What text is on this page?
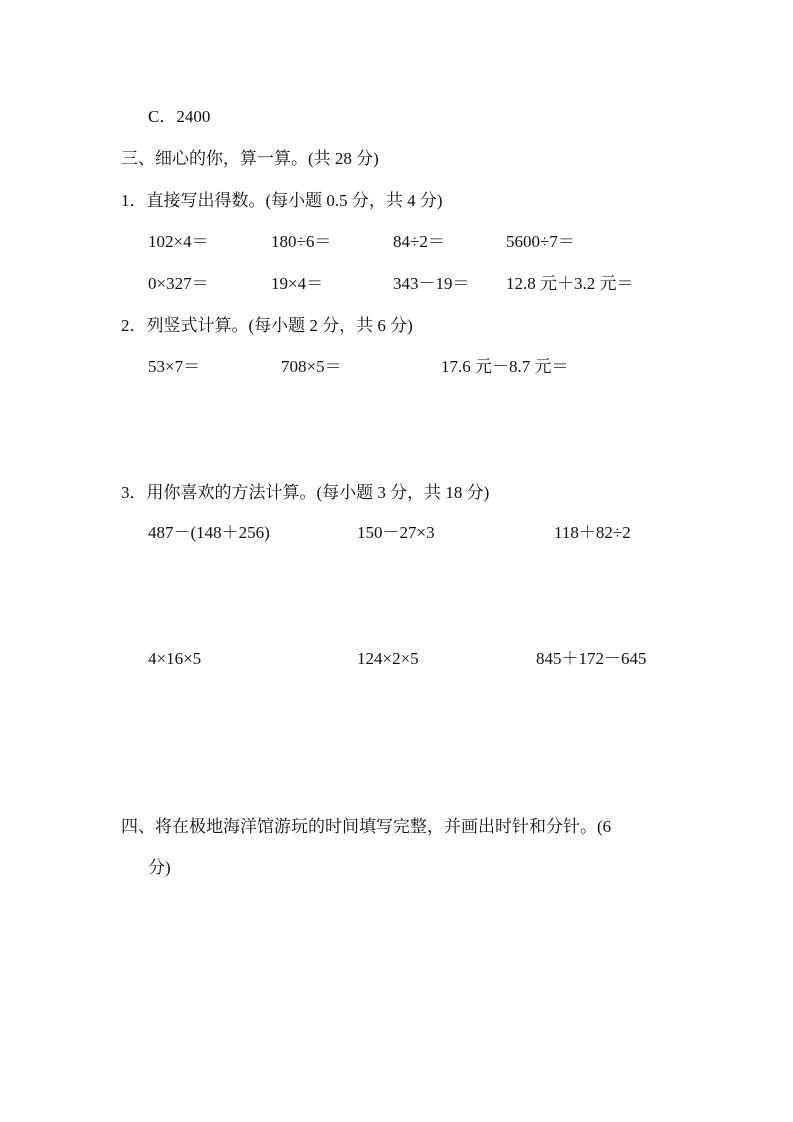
C．2400
三、细心的你，算一算。(共 28 分)
1．直接写出得数。(每小题 0.5 分，共 4 分)
102×4＝	180÷6＝	84÷2＝	5600÷7＝
0×327＝	19×4＝	343－19＝ 12.8 元＋3.2 元＝
2．列竖式计算。(每小题 2 分，共 6 分)
53×7＝	708×5＝	17.6 元－8.7 元＝
3．用你喜欢的方法计算。(每小题 3 分，共 18 分)
487－(148＋256)	150－27×3	118＋82÷2
4×16×5	124×2×5	845＋172－645
四、将在极地海洋馆游玩的时间填写完整，并画出时针和分针。(6
分)
